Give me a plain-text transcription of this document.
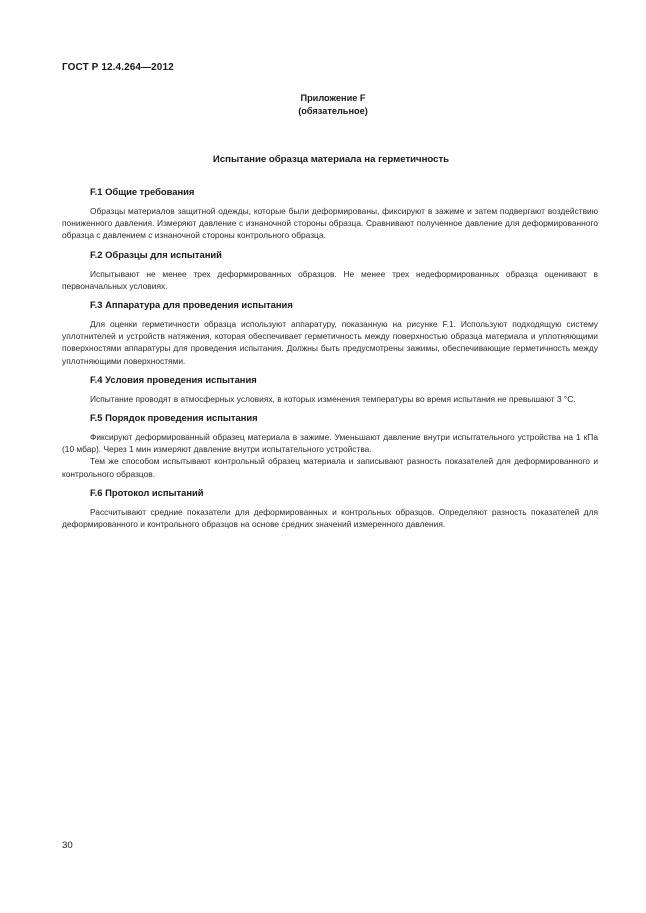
ГОСТ Р 12.4.264—2012
Приложение F
(обязательное)
Испытание образца материала на герметичность
F.1 Общие требования

Образцы материалов защитной одежды, которые были деформированы, фиксируют в зажиме и затем подвергают воздействию пониженного давления. Измеряют давление с изнаночной стороны образца. Сравнивают полученное давление для деформированного образца с давлением с изнаночной стороны контрольного образца.

F.2 Образцы для испытаний

Испытывают не менее трех деформированных образцов. Не менее трех недеформированных образца оценивают в первоначальных условиях.

F.3 Аппаратура для проведения испытания

Для оценки герметичности образца используют аппаратуру, показанную на рисунке F.1. Используют подходящую систему уплотнителей и устройств натяжения, которая обеспечивает герметичность между поверхностью образца материала и уплотняющими поверхностями аппаратуры для проведения испытания. Должны быть предусмотрены зажимы, обеспечивающие герметичность между уплотняющими поверхностями.

F.4 Условия проведения испытания

Испытание проводят в атмосферных условиях, в которых изменения температуры во время испытания не превышают 3 °С.

F.5 Порядок проведения испытания

Фиксируют деформированный образец материала в зажиме. Уменьшают давление внутри испытательного устройства на 1 кПа (10 мбар). Через 1 мин измеряют давление внутри испытательного устройства.

Тем же способом испытывают контрольный образец материала и записывают разность показателей для деформированного и контрольного образцов.

F.6 Протокол испытаний

Рассчитывают средние показатели для деформированных и контрольных образцов. Определяют разность показателей для деформированного и контрольного образцов на основе средних значений измеренного давления.

30
